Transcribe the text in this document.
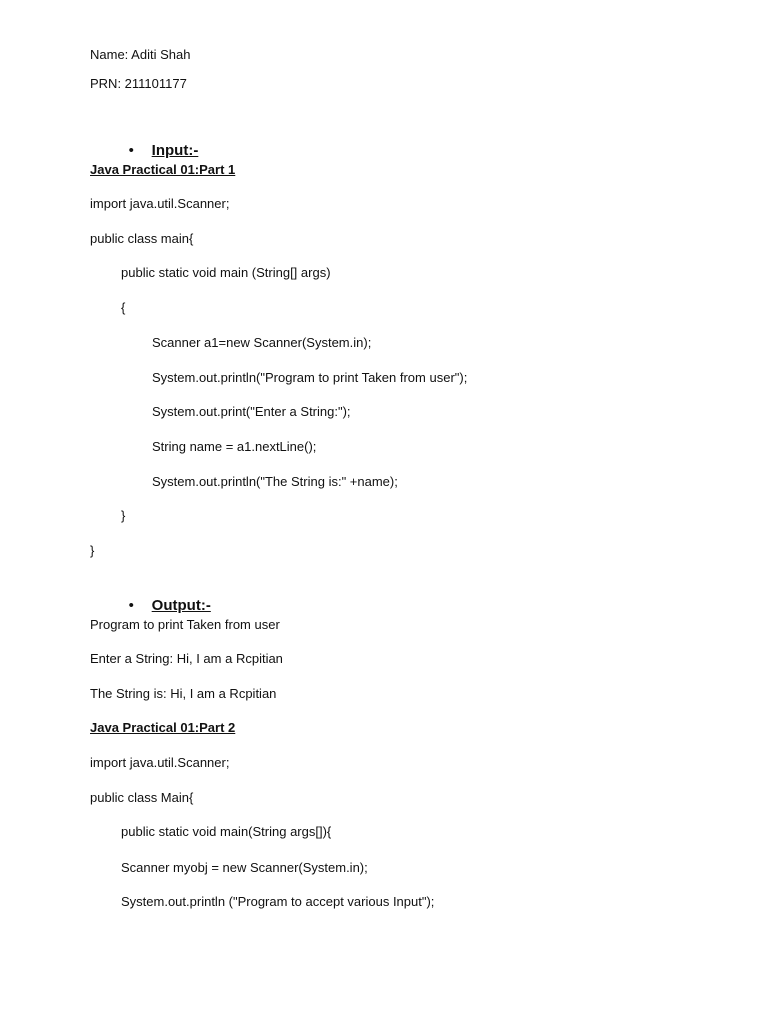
Name: Aditi Shah
PRN: 211101177

• Input:-

Java Practical 01:Part 1
import java.util.Scanner;
public class main{
public static void main (String[] args)
{
Scanner a1=new Scanner(System.in);
System.out.println("Program to print Taken from user");
System.out.print("Enter a String:");
String name = a1.nextLine();
System.out.println("The String is:" +name);
}
}

• Output:-

Program to print Taken from user
Enter a String: Hi, I am a Rcpitian
The String is: Hi, I am a Rcpitian
Java Practical 01:Part 2
import java.util.Scanner;
public class Main{
public static void main(String args[]){
Scanner myobj = new Scanner(System.in);
System.out.println ("Program to accept various Input");
